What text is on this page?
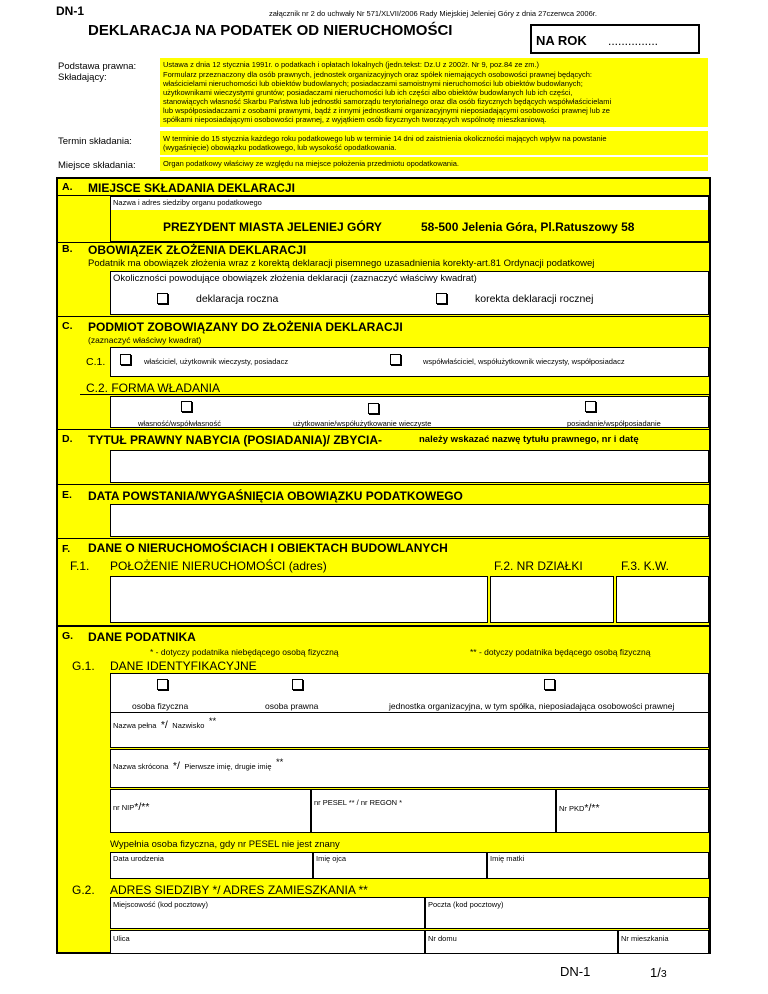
DN-1	załącznik nr 2 do uchwały Nr 571/XLVII/2006 Rady Miejskiej Jeleniej Góry z dnia 27czerwca 2006r.
DEKLARACJA NA PODATEK OD NIERUCHOMOŚCI
NA ROK ...............
Podstawa prawna:
Składający:
Ustawa z dnia 12 stycznia 1991r. o podatkach i opłatach lokalnych (jedn.tekst: Dz.U z 2002r. Nr 9, poz.84 ze zm.)
Formularz przeznaczony dla osób prawnych, jednostek organizacyjnych oraz spółek niemających osobowości prawnej będących:
właścicielami nieruchomości lub obiektów budowlanych; posiadaczami samoistnymi nieruchomości lub obiektów budowlanych;
użytkownikami wieczystymi gruntów; posiadaczami nieruchomości lub ich części albo obiektów budowlanych lub ich części,
stanowiących własność Skarbu Państwa lub jednostki samorządu terytorialnego oraz dla osób fizycznych będących współwłaścicielami
lub współposiadaczami z osobami prawnymi, bądź z innymi jednostkami organizacyjnymi nieposiadającymi osobowości prawnej lub ze
spółkami nieposiadającymi osobowości prawnej, z wyjątkiem osób fizycznych tworzących wspólnotę mieszkaniową.
Termin składania:	W terminie do 15 stycznia każdego roku podatkowego lub w terminie 14 dni od zaistnienia okoliczności mających wpływ na powstanie
(wygaśnięcie) obowiązku podatkowego, lub wysokość opodatkowania.
Miejsce składania:	Organ podatkowy właściwy ze względu na miejsce położenia przedmiotu opodatkowania.
A. MIEJSCE SKŁADANIA DEKLARACJI
Nazwa i adres siedziby organu podatkowego
PREZYDENT MIASTA JELENIEJ GÓRY	58-500 Jelenia Góra, Pl.Ratuszowy 58
B. OBOWIĄZEK ZŁOŻENIA DEKLARACJI
Podatnik ma obowiązek złożenia wraz z korektą deklaracji pisemnego uzasadnienia korekty-art.81 Ordynacji podatkowej
Okoliczności powodujące obowiązek złożenia deklaracji (zaznaczyć właściwy kwadrat)
deklaracja roczna	korekta deklaracji rocznej
C. PODMIOT ZOBOWIĄZANY DO ZŁOŻENIA DEKLARACJI
(zaznaczyć właściwy kwadrat)
C.1.	właściciel, użytkownik wieczysty, posiadacz	współwłaściciel, współużytkownik wieczysty, współposiadacz
C.2. FORMA WŁADANIA
własność/współwłasność	użytkowanie/współużytkowanie wieczyste	posiadanie/współposiadanie
D. TYTUŁ PRAWNY NABYCIA (POSIADANIA)/ ZBYCIA-	należy wskazać nazwę tytułu prawnego, nr i datę
E. DATA POWSTANIA/WYGAŚNIĘCIA OBOWIĄZKU PODATKOWEGO
F. DANE O NIERUCHOMOŚCIACH I OBIEKTACH BUDOWLANYCH
F.1. POŁOŻENIE NIERUCHOMOŚCI (adres)	F.2. NR DZIAŁKI	F.3. K.W.
G. DANE PODATNIKA
* - dotyczy podatnika niebędącego osobą fizyczną	** - dotyczy podatnika będącego osobą fizyczną
G.1. DANE IDENTYFIKACYJNE
osoba fizyczna	osoba prawna	jednostka organizacyjna, w tym spółka, nieposiadająca osobowości prawnej
Nazwa pełna */ Nazwisko **
Nazwa skrócona */ Pierwsze imię, drugie imię **
nr NIP*/**	nr PESEL ** / nr REGON *
Nr PKD*/**
Wypełnia osoba fizyczna, gdy nr PESEL nie jest znany
Data urodzenia	Imię ojca	Imię matki
G.2. ADRES SIEDZIBY */ ADRES ZAMIESZKANIA **
Miejscowość (kod pocztowy)	Poczta (kod pocztowy)
Ulica	Nr domu	Nr mieszkania
DN-1	1/3
